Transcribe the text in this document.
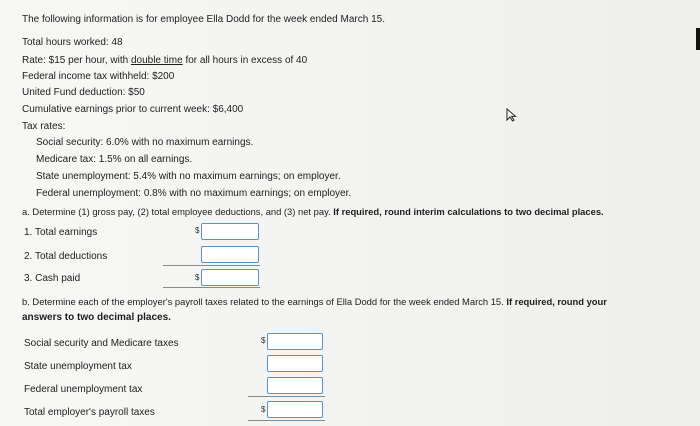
The following information is for employee Ella Dodd for the week ended March 15.
Total hours worked: 48
Rate: $15 per hour, with double time for all hours in excess of 40
Federal income tax withheld: $200
United Fund deduction: $50
Cumulative earnings prior to current week: $6,400
Tax rates:
Social security: 6.0% with no maximum earnings.
Medicare tax: 1.5% on all earnings.
State unemployment: 5.4% with no maximum earnings; on employer.
Federal unemployment: 0.8% with no maximum earnings; on employer.
a. Determine (1) gross pay, (2) total employee deductions, and (3) net pay. If required, round interim calculations to two decimal places.
1. Total earnings	$
2. Total deductions
3. Cash paid	$
b. Determine each of the employer's payroll taxes related to the earnings of Ella Dodd for the week ended March 15. If required, round your
answers to two decimal places.
Social security and Medicare taxes	$
State unemployment tax
Federal unemployment tax
Total employer's payroll taxes	$
